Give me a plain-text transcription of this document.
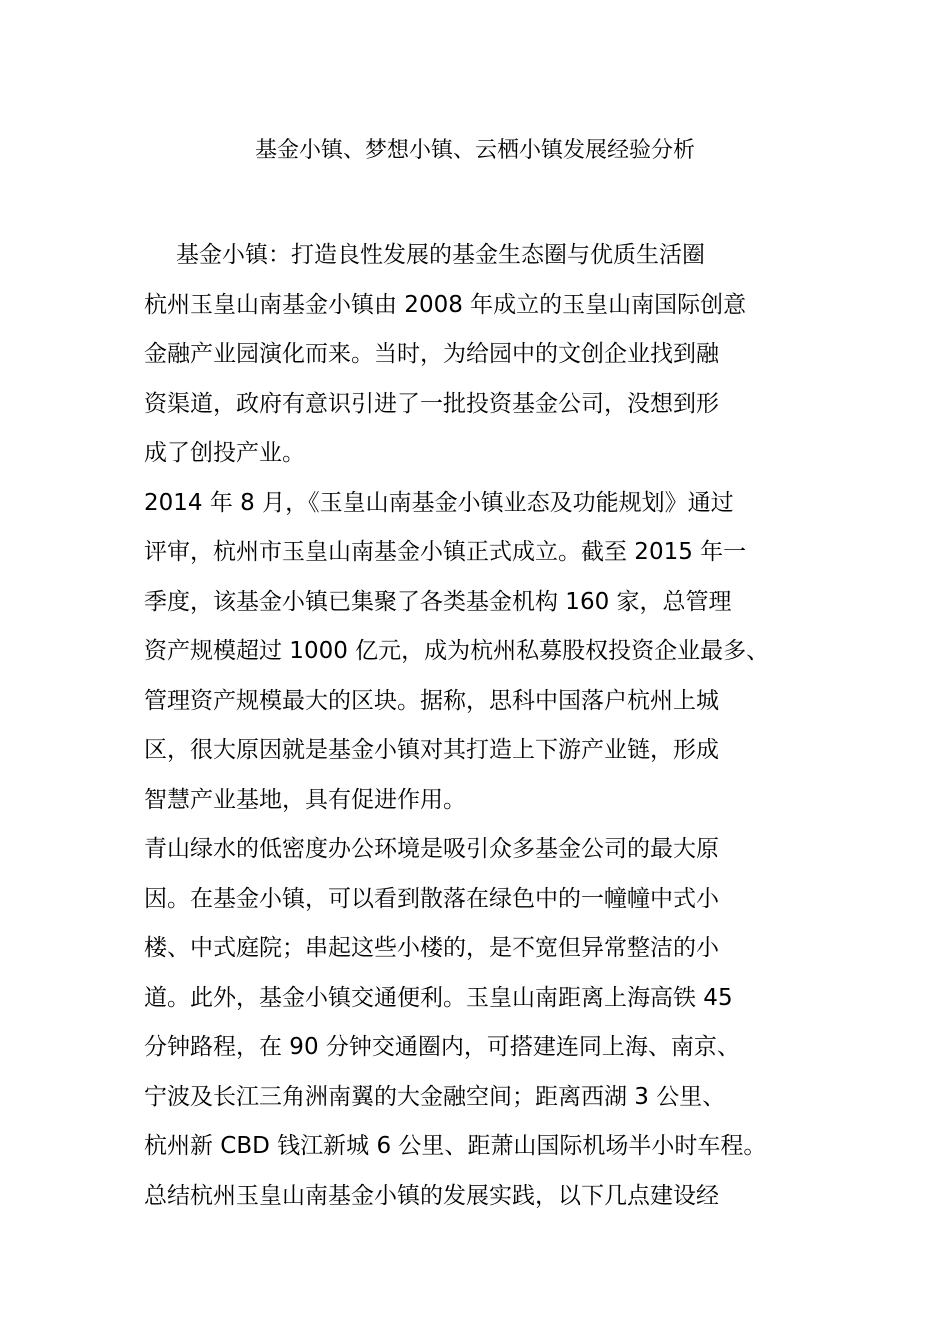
基金小镇、梦想小镇、云栖小镇发展经验分析
基金小镇：打造良性发展的基金生态圈与优质生活圈
杭州玉皇山南基金小镇由 2008 年成立的玉皇山南国际创意
金融产业园演化而来。当时，为给园中的文创企业找到融
资渠道，政府有意识引进了一批投资基金公司，没想到形
成了创投产业。
2014 年 8 月，《玉皇山南基金小镇业态及功能规划》通过
评审，杭州市玉皇山南基金小镇正式成立。截至 2015 年一
季度，该基金小镇已集聚了各类基金机构 160 家，总管理
资产规模超过 1000 亿元，成为杭州私募股权投资企业最多、
管理资产规模最大的区块。据称，思科中国落户杭州上城
区，很大原因就是基金小镇对其打造上下游产业链，形成
智慧产业基地，具有促进作用。
青山绿水的低密度办公环境是吸引众多基金公司的最大原
因。在基金小镇，可以看到散落在绿色中的一幢幢中式小
楼、中式庭院；串起这些小楼的，是不宽但异常整洁的小
道。此外，基金小镇交通便利。玉皇山南距离上海高铁 45
分钟路程，在 90 分钟交通圈内，可搭建连同上海、南京、
宁波及长江三角洲南翼的大金融空间；距离西湖 3 公里、
杭州新 CBD 钱江新城 6 公里、距萧山国际机场半小时车程。
总结杭州玉皇山南基金小镇的发展实践，以下几点建设经
